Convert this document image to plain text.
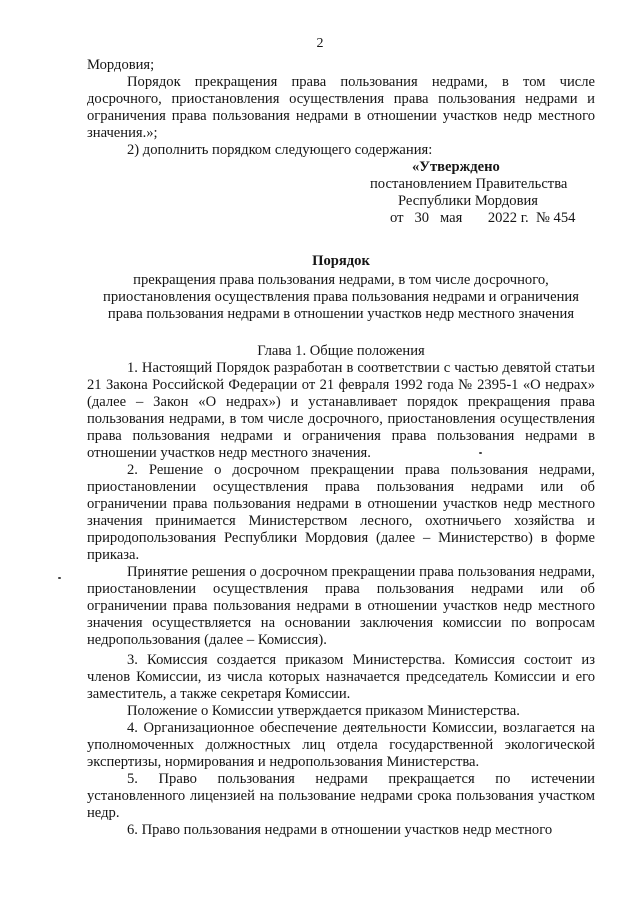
2

Мордовия;

Порядок прекращения права пользования недрами, в том числе досрочного, приостановления осуществления права пользования недрами и ограничения права пользования недрами в отношении участков недр местного значения.»;

2) дополнить порядком следующего содержания:

«Утверждено
постановлением Правительства
Республики Мордовия
от 30 мая 2022 г. № 454

Порядок

прекращения права пользования недрами, в том числе досрочного, приостановления осуществления права пользования недрами и ограничения права пользования недрами в отношении участков недр местного значения

Глава 1. Общие положения

1. Настоящий Порядок разработан в соответствии с частью девятой статьи 21 Закона Российской Федерации от 21 февраля 1992 года № 2395-1 «О недрах» (далее – Закон «О недрах») и устанавливает порядок прекращения права пользования недрами, в том числе досрочного, приостановления осуществления права пользования недрами и ограничения права пользования недрами в отношении участков недр местного значения.

2. Решение о досрочном прекращении права пользования недрами, приостановлении осуществления права пользования недрами или об ограничении права пользования недрами в отношении участков недр местного значения принимается Министерством лесного, охотничьего хозяйства и природопользования Республики Мордовия (далее – Министерство) в форме приказа.

Принятие решения о досрочном прекращении права пользования недрами, приостановлении осуществления права пользования недрами или об ограничении права пользования недрами в отношении участков недр местного значения осуществляется на основании заключения комиссии по вопросам недропользования (далее – Комиссия).

3. Комиссия создается приказом Министерства. Комиссия состоит из членов Комиссии, из числа которых назначается председатель Комиссии и его заместитель, а также секретаря Комиссии.

Положение о Комиссии утверждается приказом Министерства.

4. Организационное обеспечение деятельности Комиссии, возлагается на уполномоченных должностных лиц отдела государственной экологической экспертизы, нормирования и недропользования Министерства.

5. Право пользования недрами прекращается по истечении установленного лицензией на пользование недрами срока пользования участком недр.

6. Право пользования недрами в отношении участков недр местного
